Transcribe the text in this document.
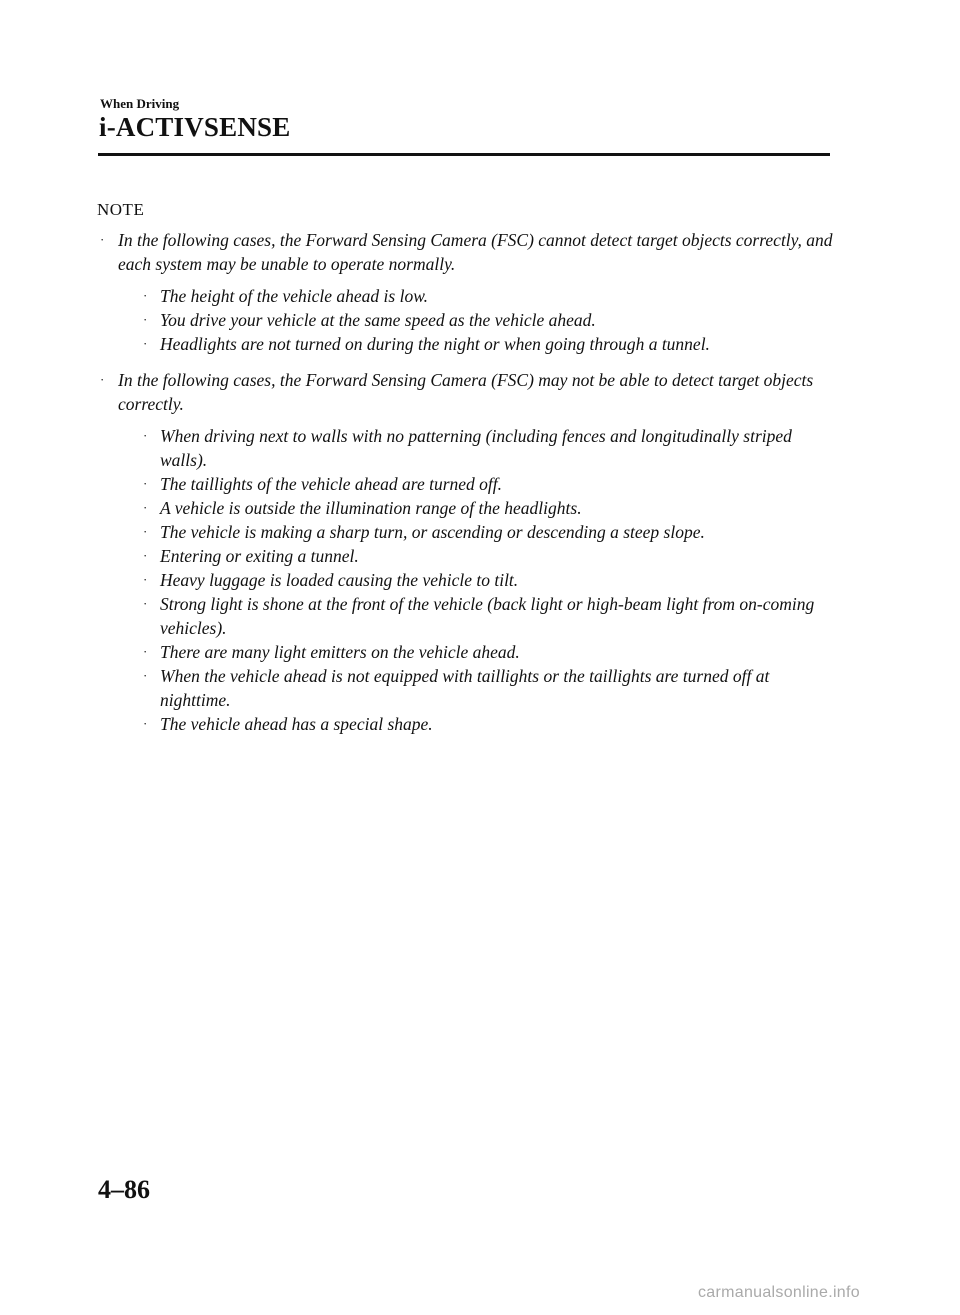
When Driving
i-ACTIVSENSE
NOTE
· In the following cases, the Forward Sensing Camera (FSC) cannot detect target objects correctly, and each system may be unable to operate normally.
· The height of the vehicle ahead is low.
· You drive your vehicle at the same speed as the vehicle ahead.
· Headlights are not turned on during the night or when going through a tunnel.
· In the following cases, the Forward Sensing Camera (FSC) may not be able to detect target objects correctly.
· When driving next to walls with no patterning (including fences and longitudinally striped walls).
· The taillights of the vehicle ahead are turned off.
· A vehicle is outside the illumination range of the headlights.
· The vehicle is making a sharp turn, or ascending or descending a steep slope.
· Entering or exiting a tunnel.
· Heavy luggage is loaded causing the vehicle to tilt.
· Strong light is shone at the front of the vehicle (back light or high-beam light from on-coming vehicles).
· There are many light emitters on the vehicle ahead.
· When the vehicle ahead is not equipped with taillights or the taillights are turned off at nighttime.
· The vehicle ahead has a special shape.
4–86
carmanualsonline.info
